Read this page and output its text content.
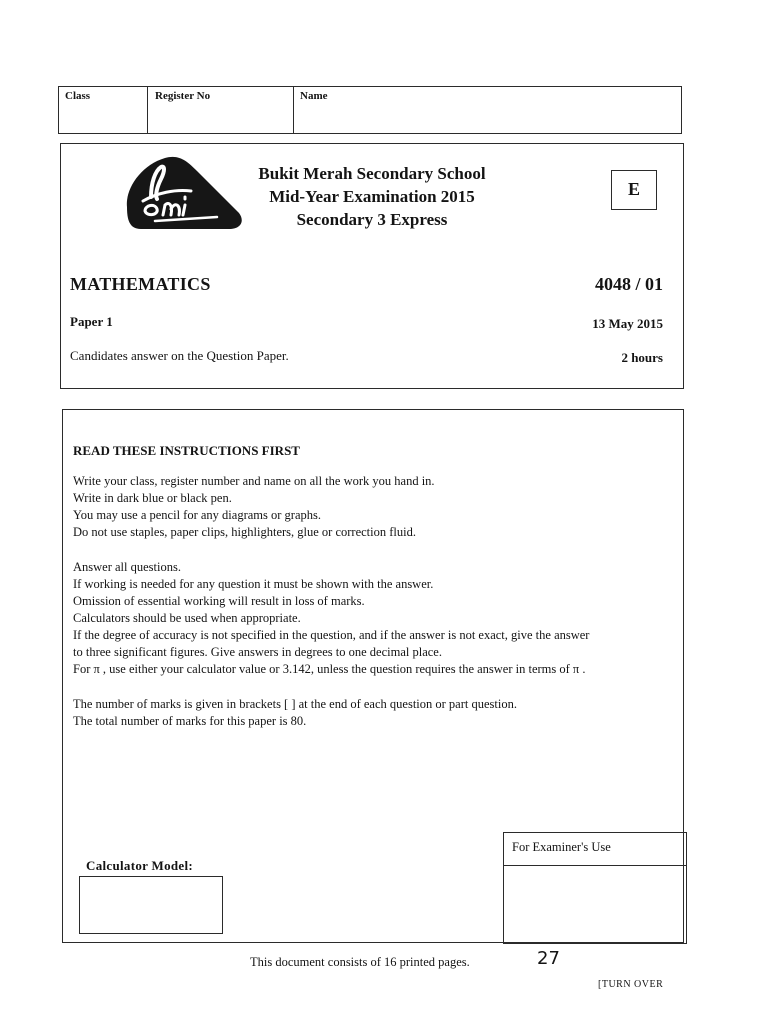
Class	Register No	Name
Bukit Merah Secondary School
Mid-Year Examination 2015
Secondary 3 Express
E
MATHEMATICS	4048 / 01
Paper 1	13 May 2015
Candidates answer on the Question Paper.	2 hours
READ THESE INSTRUCTIONS FIRST
Write your class, register number and name on all the work you hand in.
Write in dark blue or black pen.
You may use a pencil for any diagrams or graphs.
Do not use staples, paper clips, highlighters, glue or correction fluid.
Answer all questions.
If working is needed for any question it must be shown with the answer.
Omission of essential working will result in loss of marks.
Calculators should be used when appropriate.
If the degree of accuracy is not specified in the question, and if the answer is not exact, give the answer
to three significant figures. Give answers in degrees to one decimal place.
For π , use either your calculator value or 3.142, unless the question requires the answer in terms of π .
The number of marks is given in brackets [ ] at the end of each question or part question.
The total number of marks for this paper is 80.
For Examiner's Use
Calculator Model:
This document consists of 16 printed pages.	27
[TURN OVER
